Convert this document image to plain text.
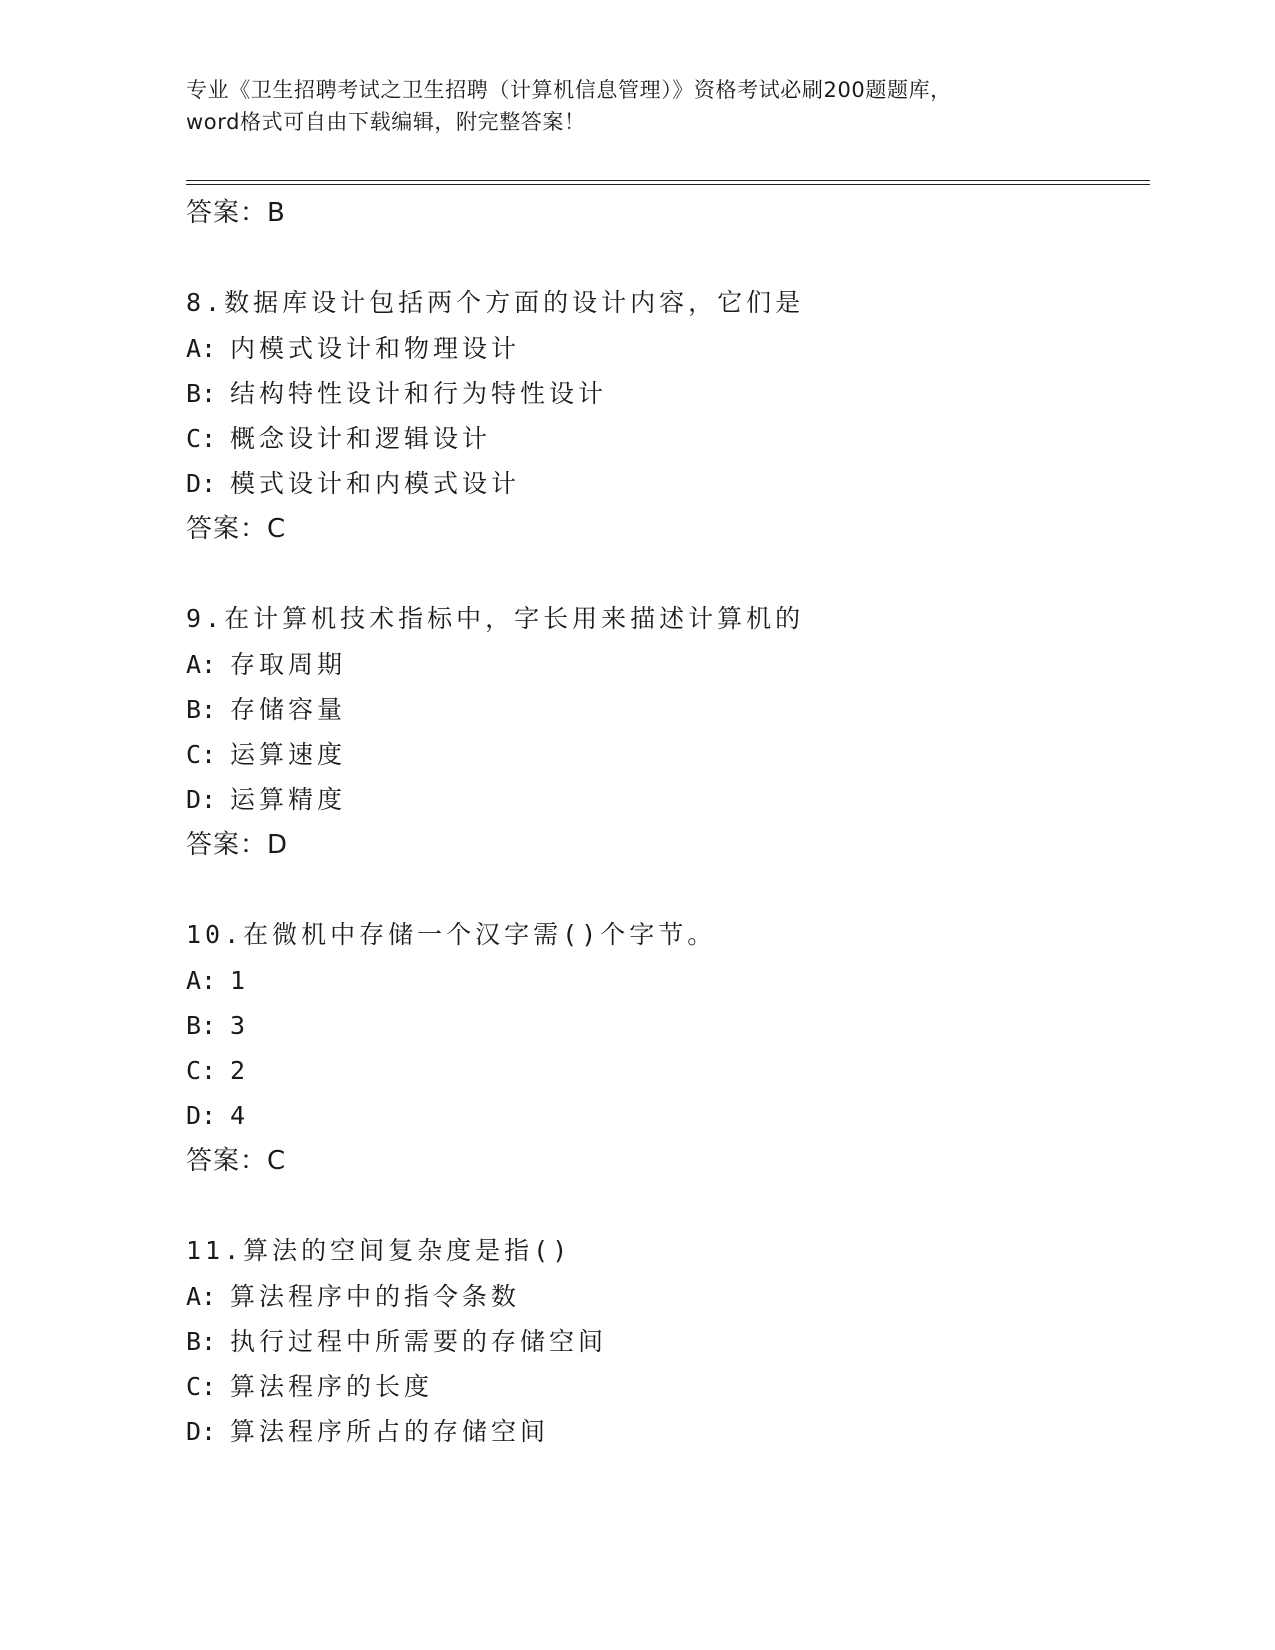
专业《卫生招聘考试之卫生招聘（计算机信息管理）》资格考试必刷200题题库，
word格式可自由下载编辑，附完整答案！
答案：B
8.数据库设计包括两个方面的设计内容，它们是
A: 内模式设计和物理设计
B: 结构特性设计和行为特性设计
C: 概念设计和逻辑设计
D: 模式设计和内模式设计
答案：C
9.在计算机技术指标中，字长用来描述计算机的
A: 存取周期
B: 存储容量
C: 运算速度
D: 运算精度
答案：D
10.在微机中存储一个汉字需()个字节。
A: 1
B: 3
C: 2
D: 4
答案：C
11.算法的空间复杂度是指()
A: 算法程序中的指令条数
B: 执行过程中所需要的存储空间
C: 算法程序的长度
D: 算法程序所占的存储空间
